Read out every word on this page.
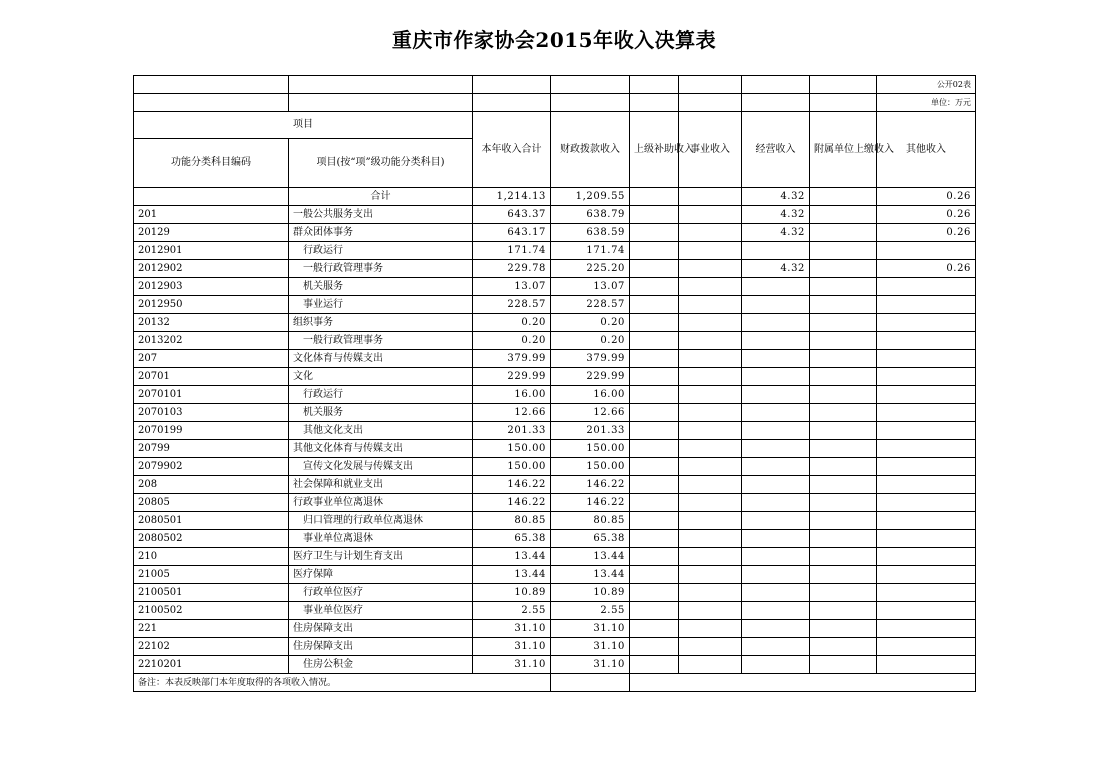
重庆市作家协会2015年收入决算表
								公开02表
								单位：万元
项目		本年收入合计	财政拨款收入	上级补助收入	事业收入	经营收入	附属单位上缴收入	其他收入
功能分类科目编码	项目(按“项”级功能分类科目)							
	合计	1,214.13	1,209.55			4.32		0.26
201	一般公共服务支出	643.37	638.79			4.32		0.26
20129	群众团体事务	643.17	638.59			4.32		0.26
2012901	行政运行	171.74	171.74					
2012902	一般行政管理事务	229.78	225.20			4.32		0.26
2012903	机关服务	13.07	13.07					
2012950	事业运行	228.57	228.57					
20132	组织事务	0.20	0.20					
2013202	一般行政管理事务	0.20	0.20					
207	文化体育与传媒支出	379.99	379.99					
20701	文化	229.99	229.99					
2070101	行政运行	16.00	16.00					
2070103	机关服务	12.66	12.66					
2070199	其他文化支出	201.33	201.33					
20799	其他文化体育与传媒支出	150.00	150.00					
2079902	宣传文化发展与传媒支出	150.00	150.00					
208	社会保障和就业支出	146.22	146.22					
20805	行政事业单位离退休	146.22	146.22					
2080501	归口管理的行政单位离退休	80.85	80.85					
2080502	事业单位离退休	65.38	65.38					
210	医疗卫生与计划生育支出	13.44	13.44					
21005	医疗保障	13.44	13.44					
2100501	行政单位医疗	10.89	10.89					
2100502	事业单位医疗	2.55	2.55					
221	住房保障支出	31.10	31.10					
22102	住房保障支出	31.10	31.10					
2210201	住房公积金	31.10	31.10					
备注：本表反映部门本年度取得的各项收入情况。								
